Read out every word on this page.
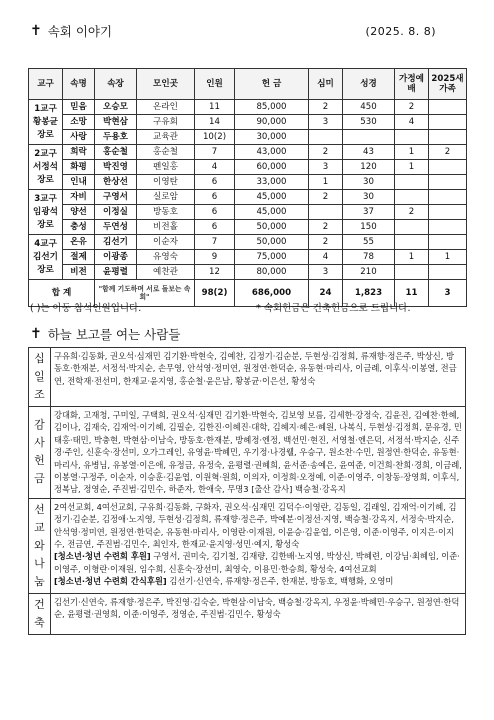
✝ 속회 이야기	(2025. 8. 8)
교구	속명	속장	모인곳	인원	헌 금	심미	성경	가정예배	2025새가족
1교구 황봉균 장로	믿음	오승모	온라인	11	85,000	2	450	2	
	소망	박현삼	구유회	14	90,000	3	530	4	
	사랑	두용호	교육관	10(2)	30,000				
2교구 서정석 장로	희락	홍순철	홍순철	7	43,000	2	43	1	2
	화평	박진영	펜일홍	4	60,000	3	120	1	
	인내	한상선	이영탄	6	33,000	1	30		
3교구 임광석 장로	자비	구영서	실로암	6	45,000	2	30		
	양선	이정실	방동호	6	45,000		37	2	
	충성	두연성	비전홀	6	50,000	2	150		
4교구 김선기 장로	온유	김선기	이순자	7	50,000	2	55		
	절제	이광종	유영숙	9	75,000	4	78	1	1
	비전	윤평렬	예찬관	12	80,000	3	210		
합 계		"함께 기도하며 서로 돌보는 속회"		98(2)	686,000	24	1,823	11	3
( )는 아동 참석인원입니다.	* 속회헌금은 건축헌금으로 드립니다.
✝ 하늘 보고를 여는 사람들
십일조	구유희·김동화, 권오석·심재민 김기환·박현숙, 김예찬, 김정기·김순분, 두현성·김정희, 류재향·정은주, 박상신, 방동호·한재분, 서정석·박지순, 손무영, 안석영·정미연, 원정연·한덕순, 유동현·마리사, 이금례, 이후식·이봉열, 전금연, 전학재·전선미, 한재교·윤지영, 홍순철·윤은남, 황봉균·이은선, 황성숙
감사헌금	강대화, 고재청, 구미일, 구택희, 권오석·심재민 김기환·박현숙, 김보영 보름, 김세한·강정숙, 김윤진, 김예찬·한혜, 김이나, 김재숙, 김재억·이기혜, 김필순, 김한진·이혜진·대학, 김혜지·혜은·혜원, 나복식, 두현성·김정희, 문유경, 민태홍·태민, 박충현, 박현삼·이남숙, 방동호·한재분, 방혜정·엔정, 백선민·현진, 서영철·엔은덕, 서정석·박지순, 신주경·주인, 신훈숙·장선미, 오가그레인, 유영윤·박혜민, 우기정·나경웰, 우승구, 원소찬·수민, 원정연·한덕순, 유동현·마리사, 유병님, 유봉열·이은애, 유정금, 유정숙, 윤평렬·권혜희, 윤서준·송예은, 윤여준, 이건희·찬희·경희, 이금례, 이봉열·구정주, 이순자, 이승훈·김윤엽, 이원혁·원희, 이의자, 이정희·오정예, 이준·이영주, 이창동·장영희, 이후식, 정복남, 정영순, 주진범·김민수, 하준자, 한애숙, 무명3 [출산 감사] 백승철·강옥지
선교와나눔	2여선교회, 4여선교회, 구유희·김동화, 구화자, 권오석·심재민 김덕수·이영란, 김동일, 김래일, 김재억·이기혜, 김정기·김순분, 김정애·노지영, 두현성·김정희, 류재향·정은주, 박예분·이정선·지영, 백승철·강옥지, 서정숙·박지순, 안석영·정미연, 원정연·한덕순, 유동현·마리사, 이영란·이재원, 이윤승·김윤엽, 이은영, 이준·이영주, 이지은·이지수, 전금연, 주진범·김민수, 최인자, 한재교·윤지영·성민·예지, 황성숙
[청소년·청년 수련회 후원] 구영서, 권미숙, 김기철, 김재량, 김한배·노지영, 박상신, 박혜련, 이강님·최혜임, 이준·이영주, 이형란·이재원, 임수희, 신훈숙·장선미, 최영숙, 이용민·한승희, 황성숙, 4여선교회
[청소년·청년 수련회 간식후원] 김선기·신연숙, 류재향·정은주, 한재분, 방동호, 백행화, 오영미
건축	김선기·신연숙, 류재향·정은주, 박진영·김숙순, 박현삼·이남숙, 백승철·강옥지, 우정윤·박혜민·우승구, 원정연·한덕순, 윤평렬·권영희, 이준·이영주, 정영순, 주진범·김민수, 황성숙
